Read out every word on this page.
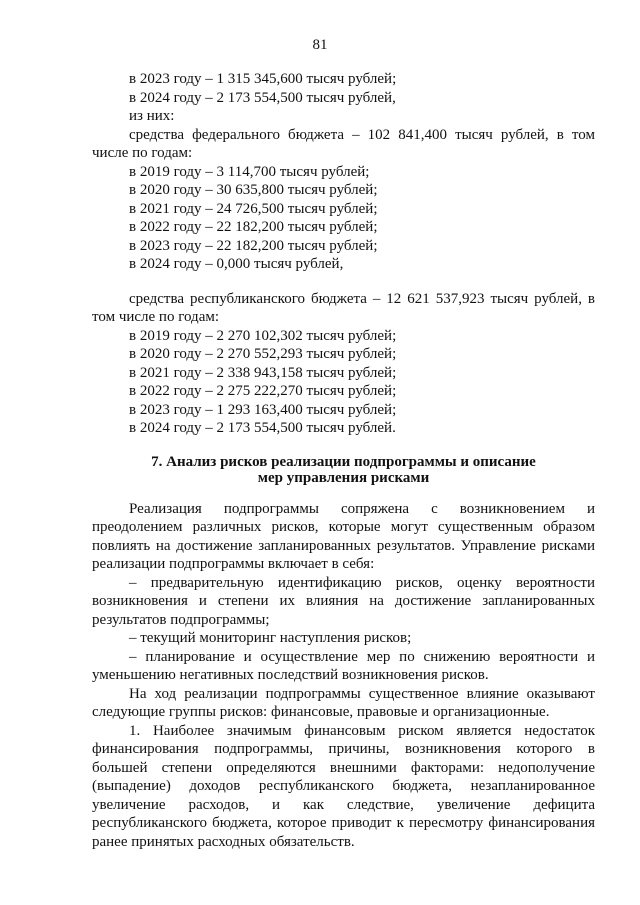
81
в 2023 году – 1 315 345,600 тысяч рублей;
в 2024 году – 2 173 554,500 тысяч рублей,
из них:

средства федерального бюджета – 102 841,400 тысяч рублей, в том числе по годам:

в 2019 году – 3 114,700 тысяч рублей;
в 2020 году – 30 635,800 тысяч рублей;
в 2021 году – 24 726,500 тысяч рублей;
в 2022 году – 22 182,200 тысяч рублей;
в 2023 году – 22 182,200 тысяч рублей;
в 2024 году – 0,000 тысяч рублей,

средства республиканского бюджета – 12 621 537,923 тысяч рублей, в том числе по годам:

в 2019 году – 2 270 102,302 тысяч рублей;
в 2020 году – 2 270 552,293 тысяч рублей;
в 2021 году – 2 338 943,158 тысяч рублей;
в 2022 году – 2 275 222,270 тысяч рублей;
в 2023 году – 1 293 163,400 тысяч рублей;
в 2024 году – 2 173 554,500 тысяч рублей.
7. Анализ рисков реализации подпрограммы и описание
мер управления рисками

Реализация подпрограммы сопряжена с возникновением и преодолением различных рисков, которые могут существенным образом повлиять на достижение запланированных результатов. Управление рисками реализации подпрограммы включает в себя:

– предварительную идентификацию рисков, оценку вероятности возникновения и степени их влияния на достижение запланированных результатов подпрограммы;

– текущий мониторинг наступления рисков;

– планирование и осуществление мер по снижению вероятности и уменьшению негативных последствий возникновения рисков.

На ход реализации подпрограммы существенное влияние оказывают следующие группы рисков: финансовые, правовые и организационные.

1. Наиболее значимым финансовым риском является недостаток финансирования подпрограммы, причины, возникновения которого в большей степени определяются внешними факторами: недополучение (выпадение) доходов республиканского бюджета, незапланированное увеличение расходов, и как следствие, увеличение дефицита республиканского бюджета, которое приводит к пересмотру финансирования ранее принятых расходных обязательств.
